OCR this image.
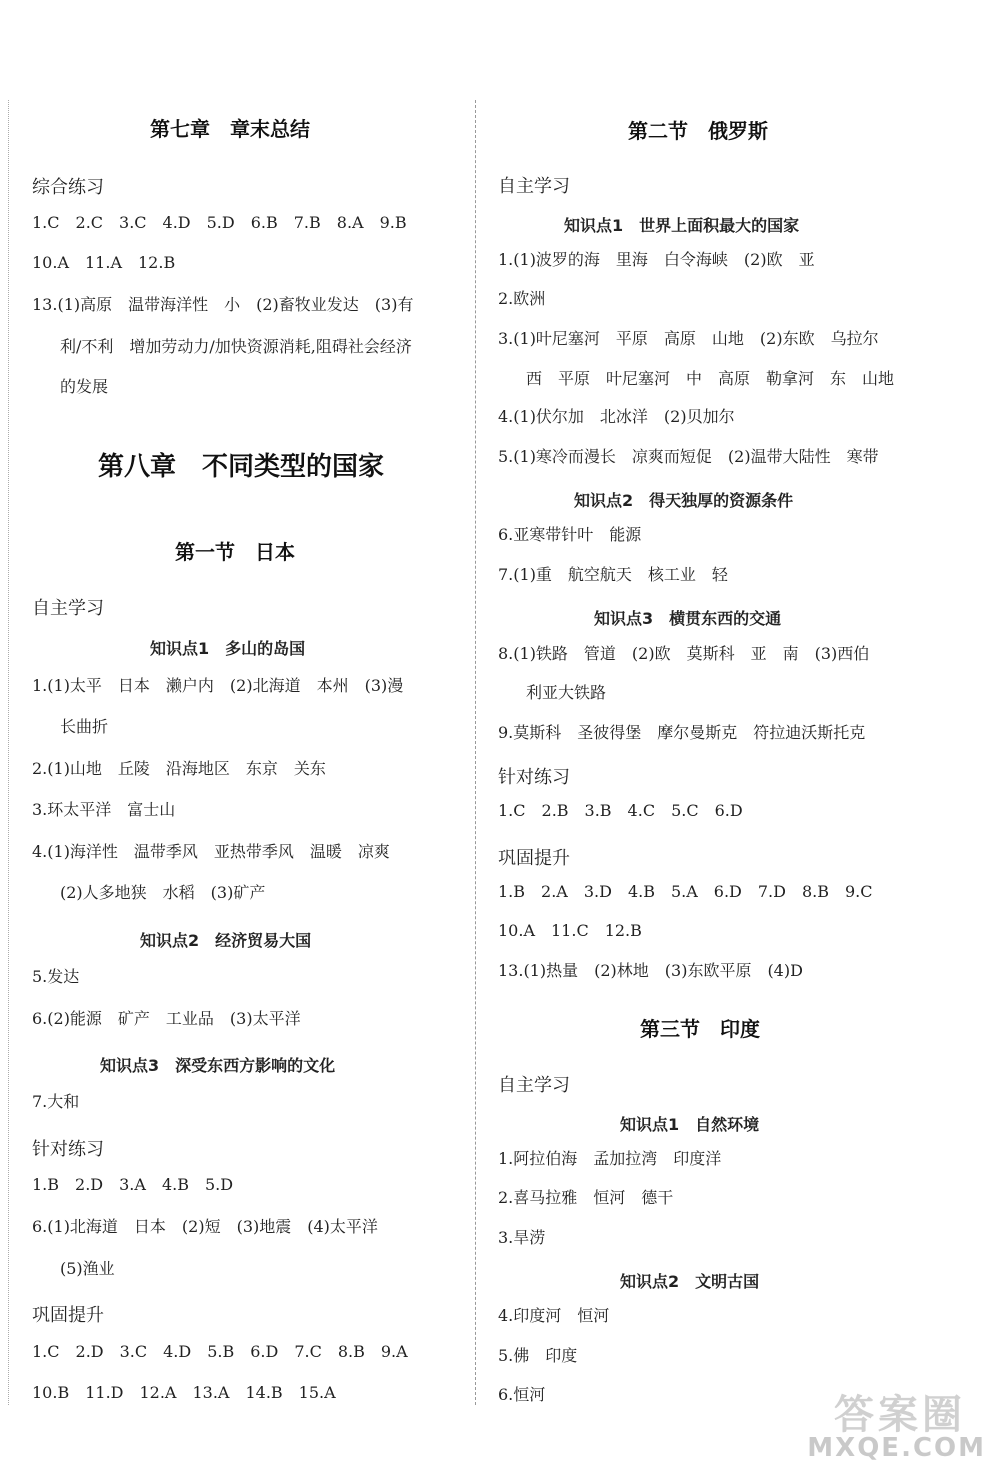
第七章　章末总结
综合练习
1.C　2.C　3.C　4.D　5.D　6.B　7.B　8.A　9.B
10.A　11.A　12.B
13.(1)高原　温带海洋性　小　(2)畜牧业发达　(3)有
利/不利　增加劳动力/加快资源消耗,阻碍社会经济
的发展
第八章　不同类型的国家
第一节　日本
自主学习
知识点1　多山的岛国
1.(1)太平　日本　濑户内　(2)北海道　本州　(3)漫
长曲折
2.(1)山地　丘陵　沿海地区　东京　关东
3.环太平洋　富士山
4.(1)海洋性　温带季风　亚热带季风　温暖　凉爽
(2)人多地狭　水稻　(3)矿产
知识点2　经济贸易大国
5.发达
6.(2)能源　矿产　工业品　(3)太平洋
知识点3　深受东西方影响的文化
7.大和
针对练习
1.B　2.D　3.A　4.B　5.D
6.(1)北海道　日本　(2)短　(3)地震　(4)太平洋
(5)渔业
巩固提升
1.C　2.D　3.C　4.D　5.B　6.D　7.C　8.B　9.A
10.B　11.D　12.A　13.A　14.B　15.A
第二节　俄罗斯
自主学习
知识点1　世界上面积最大的国家
1.(1)波罗的海　里海　白令海峡　(2)欧　亚
2.欧洲
3.(1)叶尼塞河　平原　高原　山地　(2)东欧　乌拉尔
西　平原　叶尼塞河　中　高原　勒拿河　东　山地
4.(1)伏尔加　北冰洋　(2)贝加尔
5.(1)寒冷而漫长　凉爽而短促　(2)温带大陆性　寒带
知识点2　得天独厚的资源条件
6.亚寒带针叶　能源
7.(1)重　航空航天　核工业　轻
知识点3　横贯东西的交通
8.(1)铁路　管道　(2)欧　莫斯科　亚　南　(3)西伯
利亚大铁路
9.莫斯科　圣彼得堡　摩尔曼斯克　符拉迪沃斯托克
针对练习
1.C　2.B　3.B　4.C　5.C　6.D
巩固提升
1.B　2.A　3.D　4.B　5.A　6.D　7.D　8.B　9.C
10.A　11.C　12.B
13.(1)热量　(2)林地　(3)东欧平原　(4)D
第三节　印度
自主学习
知识点1　自然环境
1.阿拉伯海　孟加拉湾　印度洋
2.喜马拉雅　恒河　德干
3.旱涝
知识点2　文明古国
4.印度河　恒河
5.佛　印度
6.恒河	答案圈
MXQE.COM
